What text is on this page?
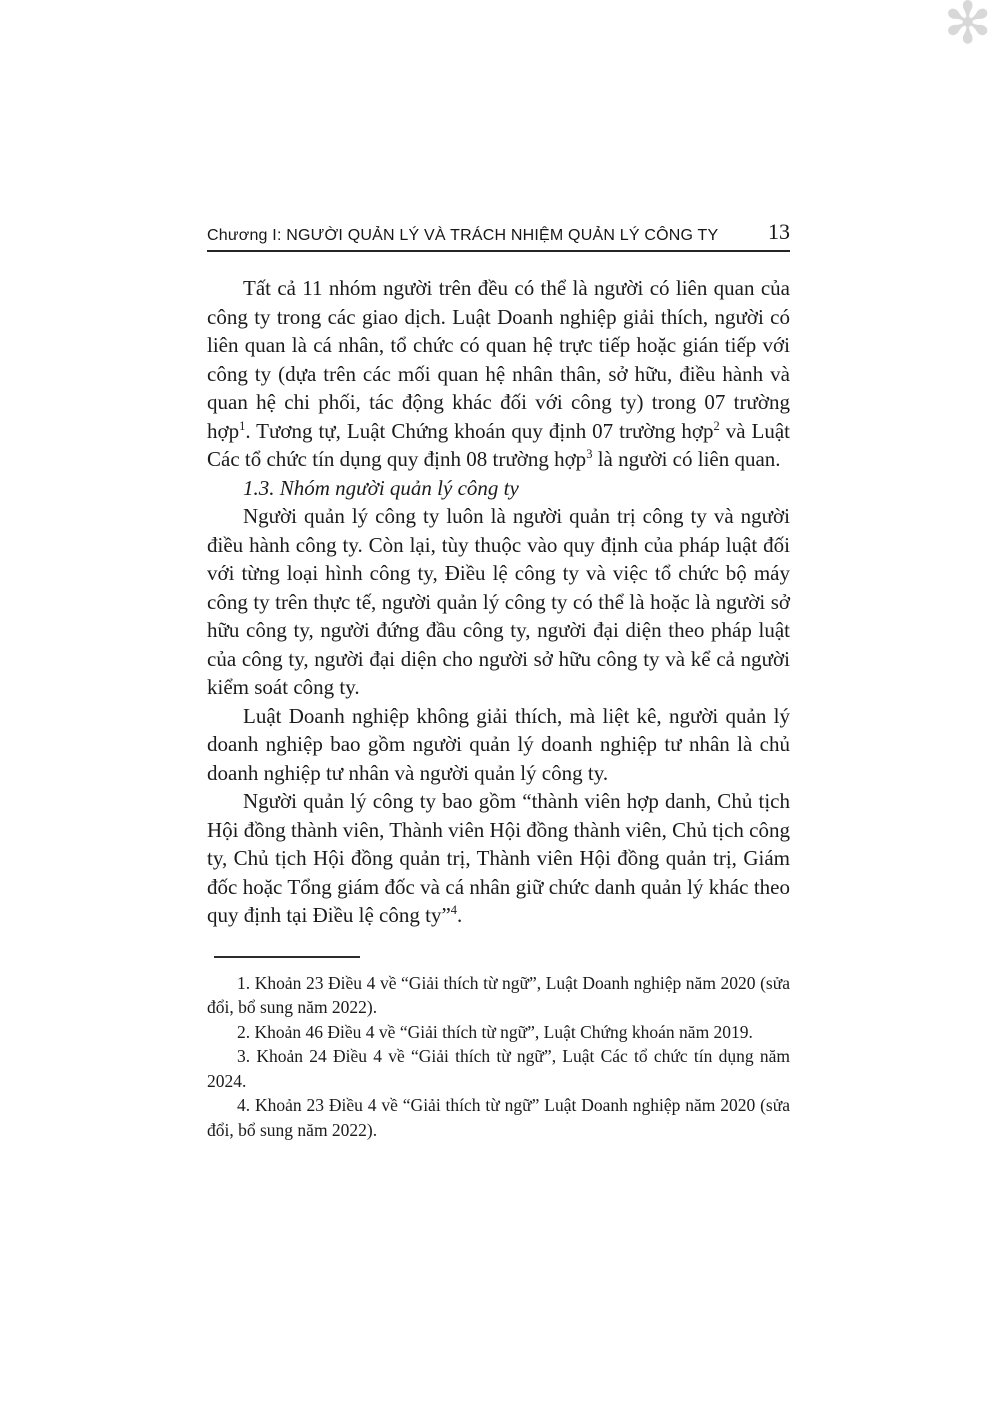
✻
Chương I: NGƯỜI QUẢN LÝ VÀ TRÁCH NHIỆM QUẢN LÝ CÔNG TY 13

Tất cả 11 nhóm người trên đều có thể là người có liên quan của công ty trong các giao dịch. Luật Doanh nghiệp giải thích, người có liên quan là cá nhân, tổ chức có quan hệ trực tiếp hoặc gián tiếp với công ty (dựa trên các mối quan hệ nhân thân, sở hữu, điều hành và quan hệ chi phối, tác động khác đối với công ty) trong 07 trường hợp$^1$. Tương tự, Luật Chứng khoán quy định 07 trường hợp$^2$ và Luật Các tổ chức tín dụng quy định 08 trường hợp$^3$ là người có liên quan.

1.3. Nhóm người quản lý công ty

Người quản lý công ty luôn là người quản trị công ty và người điều hành công ty. Còn lại, tùy thuộc vào quy định của pháp luật đối với từng loại hình công ty, Điều lệ công ty và việc tổ chức bộ máy công ty trên thực tế, người quản lý công ty có thể là hoặc là người sở hữu công ty, người đứng đầu công ty, người đại diện theo pháp luật của công ty, người đại diện cho người sở hữu công ty và kể cả người kiểm soát công ty.

Luật Doanh nghiệp không giải thích, mà liệt kê, người quản lý doanh nghiệp bao gồm người quản lý doanh nghiệp tư nhân là chủ doanh nghiệp tư nhân và người quản lý công ty.

Người quản lý công ty bao gồm “thành viên hợp danh, Chủ tịch Hội đồng thành viên, Thành viên Hội đồng thành viên, Chủ tịch công ty, Chủ tịch Hội đồng quản trị, Thành viên Hội đồng quản trị, Giám đốc hoặc Tổng giám đốc và cá nhân giữ chức danh quản lý khác theo quy định tại Điều lệ công ty”$^4$.

1. Khoản 23 Điều 4 về “Giải thích từ ngữ”, Luật Doanh nghiệp năm 2020 (sửa đổi, bổ sung năm 2022).

2. Khoản 46 Điều 4 về “Giải thích từ ngữ”, Luật Chứng khoán năm 2019.

3. Khoản 24 Điều 4 về “Giải thích từ ngữ”, Luật Các tổ chức tín dụng năm 2024.

4. Khoản 23 Điều 4 về “Giải thích từ ngữ” Luật Doanh nghiệp năm 2020 (sửa đổi, bổ sung năm 2022).
